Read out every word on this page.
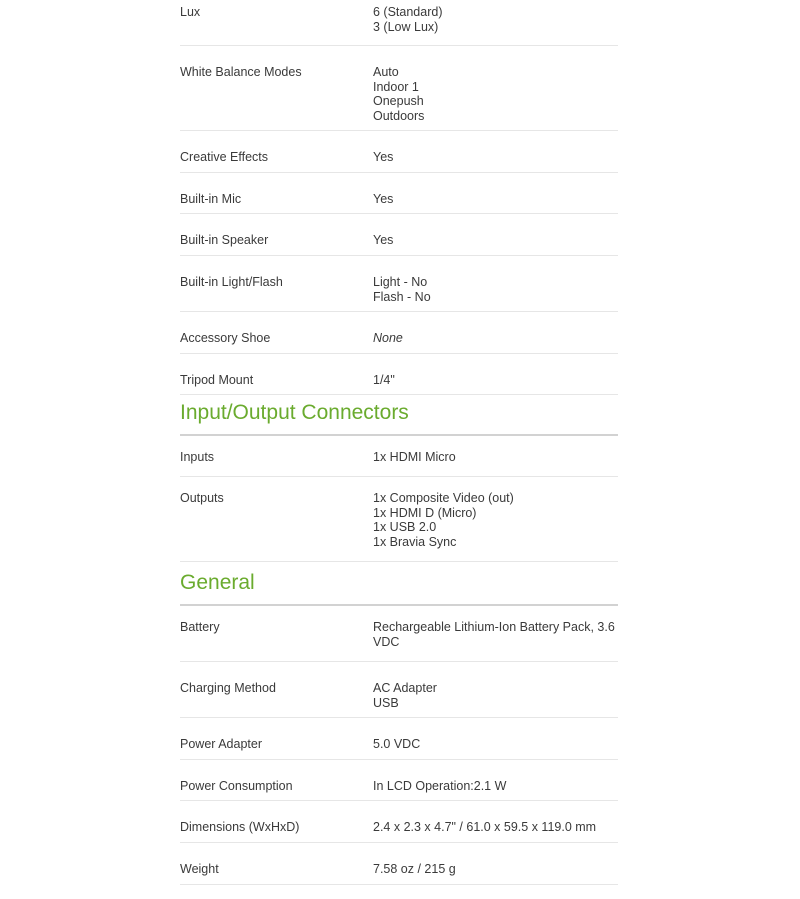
Lux	6 (Standard)
3 (Low Lux)
White Balance Modes	Auto
Indoor 1
Onepush
Outdoors
Creative Effects	Yes
Built-in Mic	Yes
Built-in Speaker	Yes
Built-in Light/Flash	Light - No
Flash - No
Accessory Shoe	None
Tripod Mount	1/4"
Input/Output Connectors
Inputs	1x HDMI Micro
Outputs	1x Composite Video (out)
1x HDMI D (Micro)
1x USB 2.0
1x Bravia Sync
General
Battery	Rechargeable Lithium-Ion Battery Pack, 3.6 VDC
Charging Method	AC Adapter
USB
Power Adapter	5.0 VDC
Power Consumption	In LCD Operation:2.1 W
Dimensions (WxHxD)	2.4 x 2.3 x 4.7" / 61.0 x 59.5 x 119.0 mm
Weight	7.58 oz / 215 g
